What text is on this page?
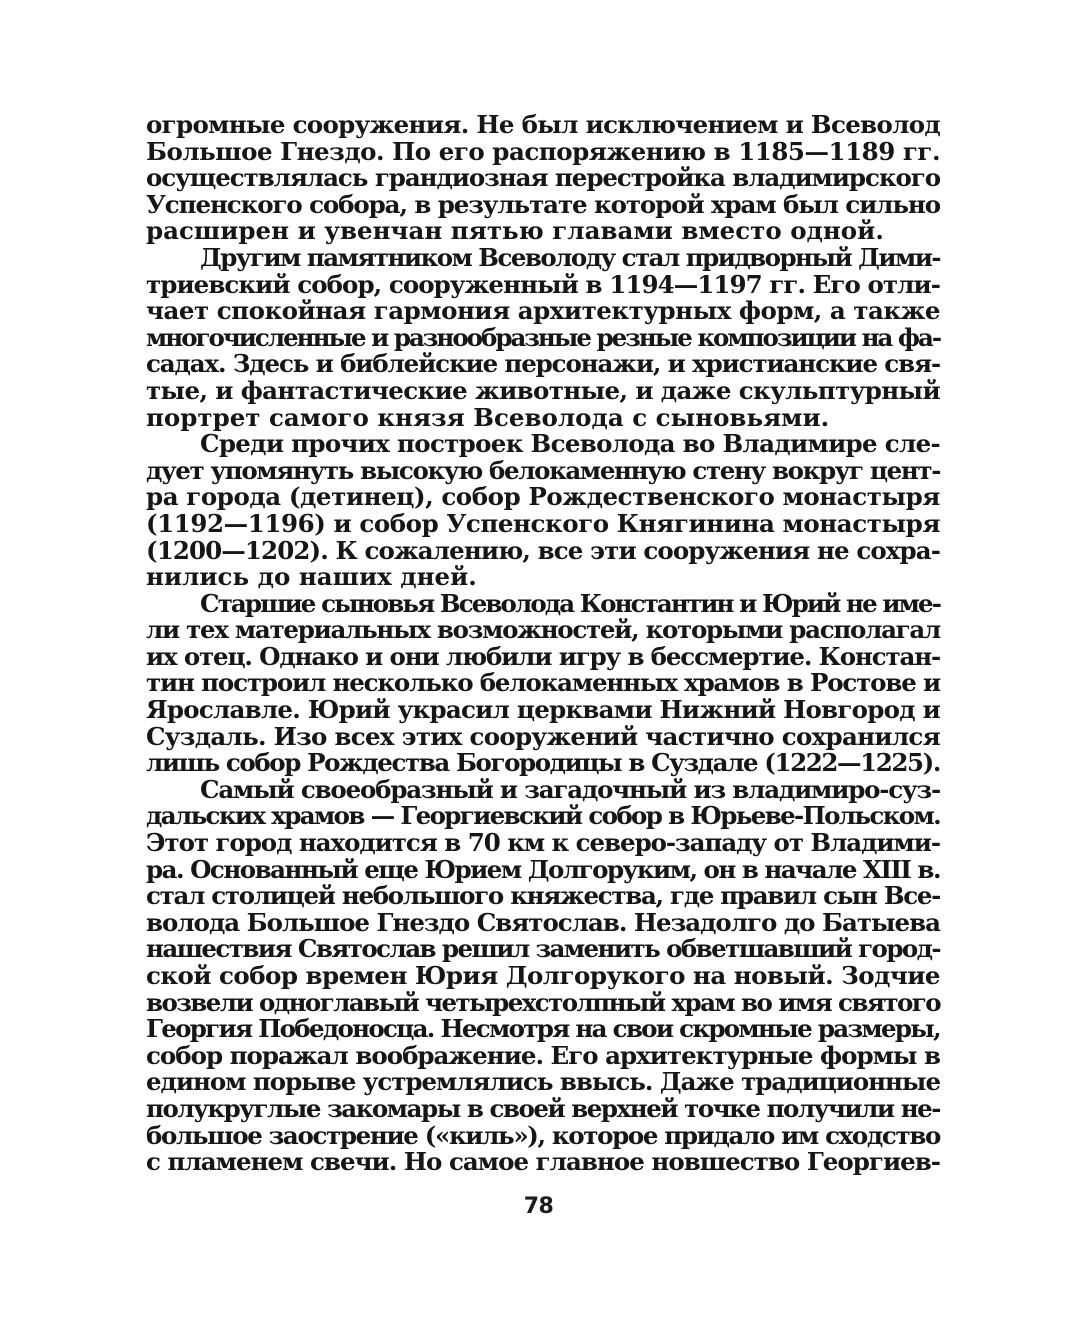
огромные сооружения. Не был исключением и Всеволод
Большое Гнездо. По его распоряжению в 1185—1189 гг.
осуществлялась грандиозная перестройка владимирского
Успенского собора, в результате которой храм был сильно
расширен и увенчан пятью главами вместо одной.
Другим памятником Всеволоду стал придворный Дими-
триевский собор, сооруженный в 1194—1197 гг. Его отли-
чает спокойная гармония архитектурных форм, а также
многочисленные и разнообразные резные композиции на фа-
садах. Здесь и библейские персонажи, и христианские свя-
тые, и фантастические животные, и даже скульптурный
портрет самого князя Всеволода с сыновьями.
Среди прочих построек Всеволода во Владимире сле-
дует упомянуть высокую белокаменную стену вокруг цент-
ра города (детинец), собор Рождественского монастыря
(1192—1196) и собор Успенского Княгинина монастыря
(1200—1202). К сожалению, все эти сооружения не сохра-
нились до наших дней.
Старшие сыновья Всеволода Константин и Юрий не име-
ли тех материальных возможностей, которыми располагал
их отец. Однако и они любили игру в бессмертие. Констан-
тин построил несколько белокаменных храмов в Ростове и
Ярославле. Юрий украсил церквами Нижний Новгород и
Суздаль. Изо всех этих сооружений частично сохранился
лишь собор Рождества Богородицы в Суздале (1222—1225).
Самый своеобразный и загадочный из владимиро-суз-
дальских храмов — Георгиевский собор в Юрьеве-Польском.
Этот город находится в 70 км к северо-западу от Владими-
ра. Основанный еще Юрием Долгоруким, он в начале XIII в.
стал столицей небольшого княжества, где правил сын Все-
волода Большое Гнездо Святослав. Незадолго до Батыева
нашествия Святослав решил заменить обветшавший город-
ской собор времен Юрия Долгорукого на новый. Зодчие
возвели одноглавый четырехстолпный храм во имя святого
Георгия Победоносца. Несмотря на свои скромные размеры,
собор поражал воображение. Его архитектурные формы в
едином порыве устремлялись ввысь. Даже традиционные
полукруглые закомары в своей верхней точке получили не-
большое заострение («киль»), которое придало им сходство
с пламенем свечи. Но самое главное новшество Георгиев-
78
